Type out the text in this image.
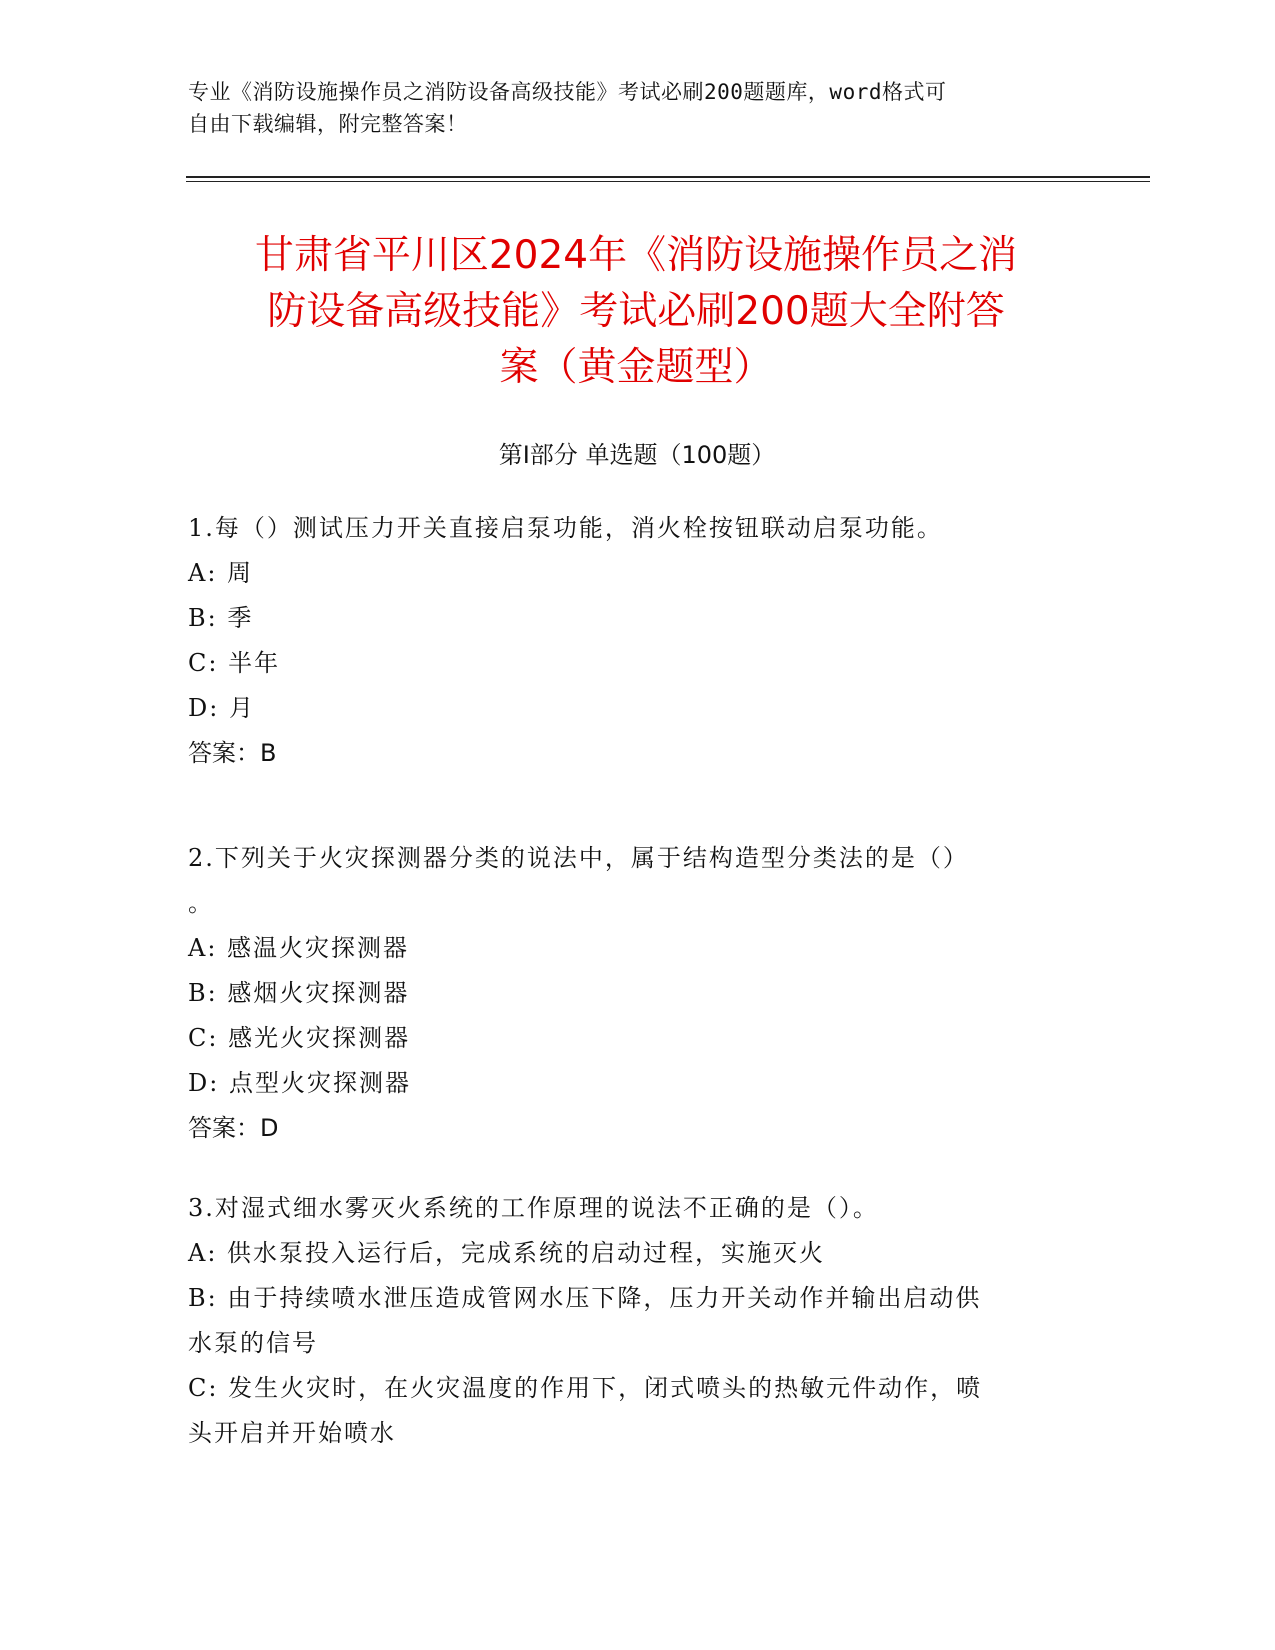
专业《消防设施操作员之消防设备高级技能》考试必刷200题题库，word格式可
自由下载编辑，附完整答案！
甘肃省平川区2024年《消防设施操作员之消
防设备高级技能》考试必刷200题大全附答
案（黄金题型）
第I部分 单选题（100题）
1.每（）测试压力开关直接启泵功能，消火栓按钮联动启泵功能。
A: 周
B: 季
C: 半年
D: 月
答案：B
2.下列关于火灾探测器分类的说法中，属于结构造型分类法的是（）
。
A: 感温火灾探测器
B: 感烟火灾探测器
C: 感光火灾探测器
D: 点型火灾探测器
答案：D
3.对湿式细水雾灭火系统的工作原理的说法不正确的是（）。
A: 供水泵投入运行后，完成系统的启动过程，实施灭火
B: 由于持续喷水泄压造成管网水压下降，压力开关动作并输出启动供
水泵的信号
C: 发生火灾时，在火灾温度的作用下，闭式喷头的热敏元件动作，喷
头开启并开始喷水
